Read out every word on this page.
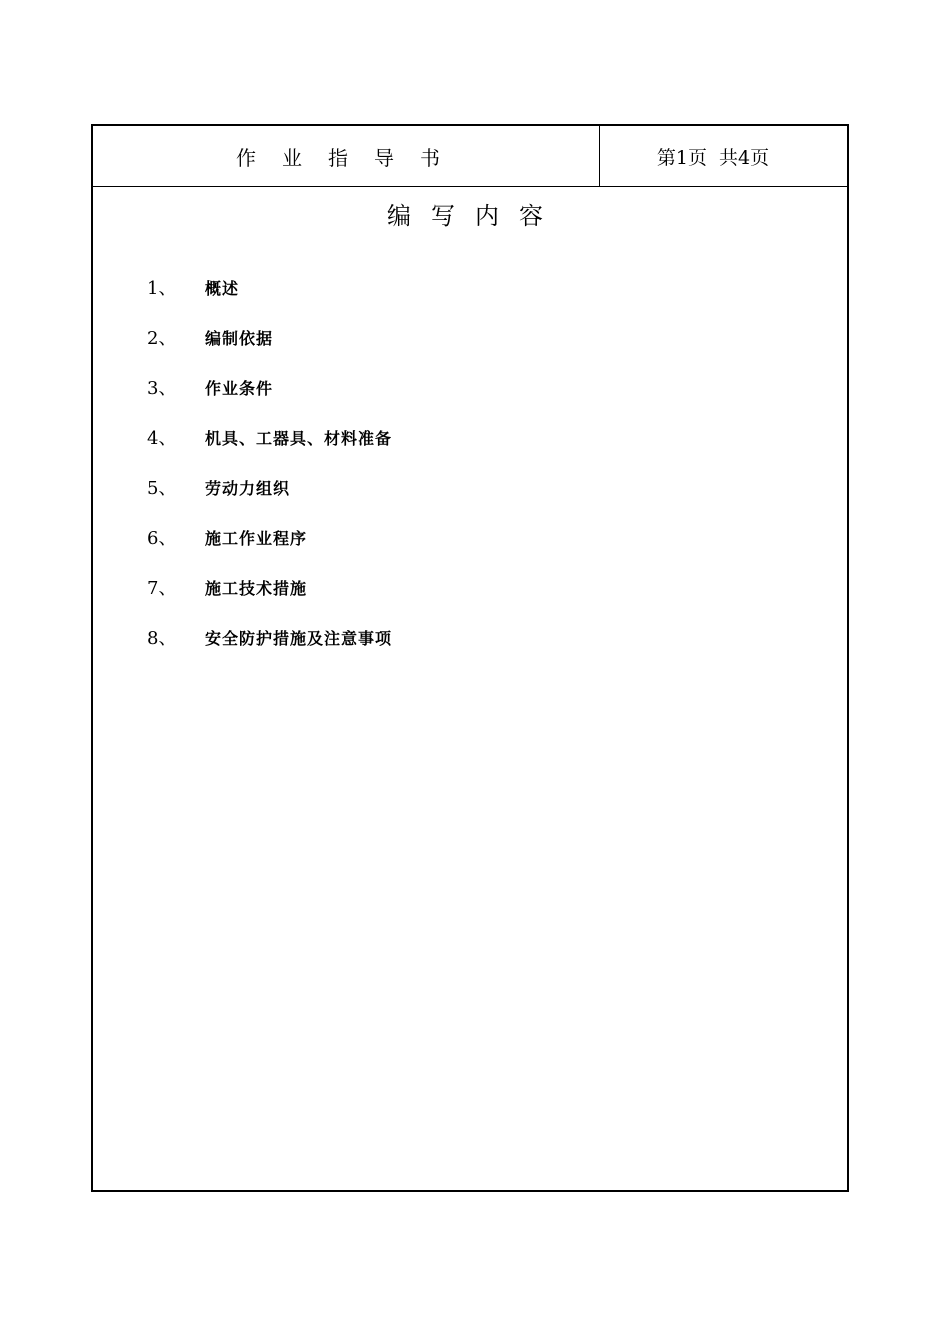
作业指导书	第1页  共4页
编写内容
1、	概述
2、	编制依据
3、	作业条件
4、	机具、工器具、材料准备
5、	劳动力组织
6、	施工作业程序
7、	施工技术措施
8、	安全防护措施及注意事项
